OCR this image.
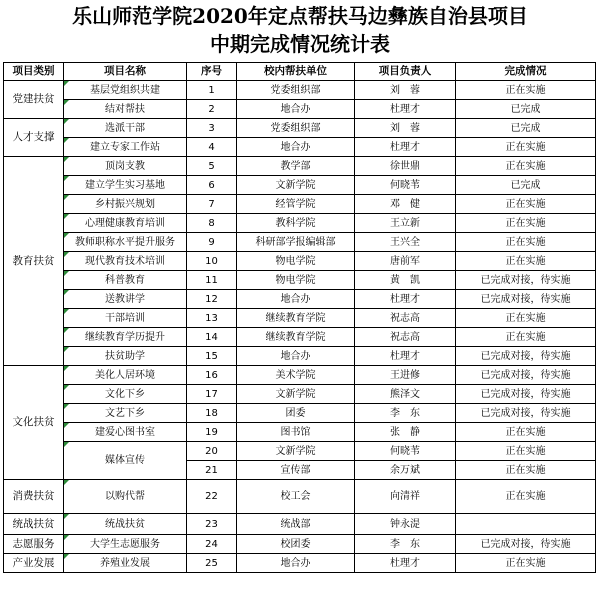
乐山师范学院2020年定点帮扶马边彝族自治县项目
中期完成情况统计表
项目类别	项目名称	序号	校内帮扶单位	项目负责人	完成情况
党建扶贫	基层党组织共建	1	党委组织部	刘　蓉	正在实施
	结对帮扶	2	地合办	杜理才	已完成
人才支撑	选派干部	3	党委组织部	刘　蓉	已完成
	建立专家工作站	4	地合办	杜理才	正在实施
教育扶贫	顶岗支教	5	教学部	徐世鼎	正在实施
	建立学生实习基地	6	文新学院	何晓苇	已完成
	乡村振兴规划	7	经管学院	邓　健	正在实施
	心理健康教育培训	8	教科学院	王立新	正在实施
	教师职称水平提升服务	9	科研部学报编辑部	王兴全	正在实施
	现代教育技术培训	10	物电学院	唐前军	正在实施
	科普教育	11	物电学院	黄　凯	已完成对接，待实施
	送教讲学	12	地合办	杜理才	已完成对接，待实施
	干部培训	13	继续教育学院	祝志高	正在实施
	继续教育学历提升	14	继续教育学院	祝志高	正在实施
	扶贫助学	15	地合办	杜理才	已完成对接，待实施
文化扶贫	美化人居环境	16	美术学院	王进修	已完成对接，待实施
	文化下乡	17	文新学院	熊泽文	已完成对接，待实施
	文艺下乡	18	团委	李　东	已完成对接，待实施
	建爱心图书室	19	图书馆	张　静	正在实施
	媒体宣传	20	文新学院	何晓苇	正在实施
		21	宣传部	余万斌	正在实施
消费扶贫	以购代帮	22	校工会	向清祥	正在实施
统战扶贫	统战扶贫	23	统战部	钟永湜	
志愿服务	大学生志愿服务	24	校团委	李　东	已完成对接，待实施
产业发展	养殖业发展	25	地合办	杜理才	正在实施
